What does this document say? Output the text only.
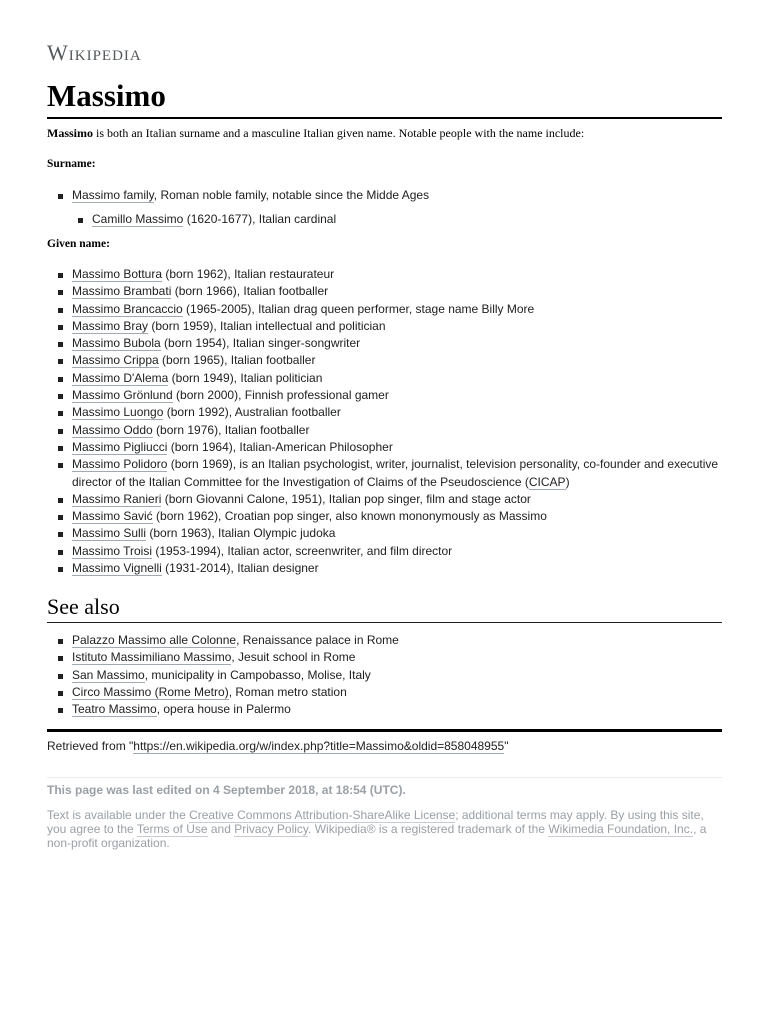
Wikipedia
Massimo
Massimo is both an Italian surname and a masculine Italian given name. Notable people with the name include:
Surname:
Massimo family, Roman noble family, notable since the Midde Ages
Camillo Massimo (1620-1677), Italian cardinal
Given name:
Massimo Bottura (born 1962), Italian restaurateur
Massimo Brambati (born 1966), Italian footballer
Massimo Brancaccio (1965-2005), Italian drag queen performer, stage name Billy More
Massimo Bray (born 1959), Italian intellectual and politician
Massimo Bubola (born 1954), Italian singer-songwriter
Massimo Crippa (born 1965), Italian footballer
Massimo D'Alema (born 1949), Italian politician
Massimo Grönlund (born 2000), Finnish professional gamer
Massimo Luongo (born 1992), Australian footballer
Massimo Oddo (born 1976), Italian footballer
Massimo Pigliucci (born 1964), Italian-American Philosopher
Massimo Polidoro (born 1969), is an Italian psychologist, writer, journalist, television personality, co-founder and executive director of the Italian Committee for the Investigation of Claims of the Pseudoscience (CICAP)
Massimo Ranieri (born Giovanni Calone, 1951), Italian pop singer, film and stage actor
Massimo Savić (born 1962), Croatian pop singer, also known mononymously as Massimo
Massimo Sulli (born 1963), Italian Olympic judoka
Massimo Troisi (1953-1994), Italian actor, screenwriter, and film director
Massimo Vignelli (1931-2014), Italian designer
See also
Palazzo Massimo alle Colonne, Renaissance palace in Rome
Istituto Massimiliano Massimo, Jesuit school in Rome
San Massimo, municipality in Campobasso, Molise, Italy
Circo Massimo (Rome Metro), Roman metro station
Teatro Massimo, opera house in Palermo
Retrieved from "https://en.wikipedia.org/w/index.php?title=Massimo&oldid=858048955"
This page was last edited on 4 September 2018, at 18:54 (UTC).
Text is available under the Creative Commons Attribution-ShareAlike License; additional terms may apply. By using this site, you agree to the Terms of Use and Privacy Policy. Wikipedia® is a registered trademark of the Wikimedia Foundation, Inc., a non-profit organization.
